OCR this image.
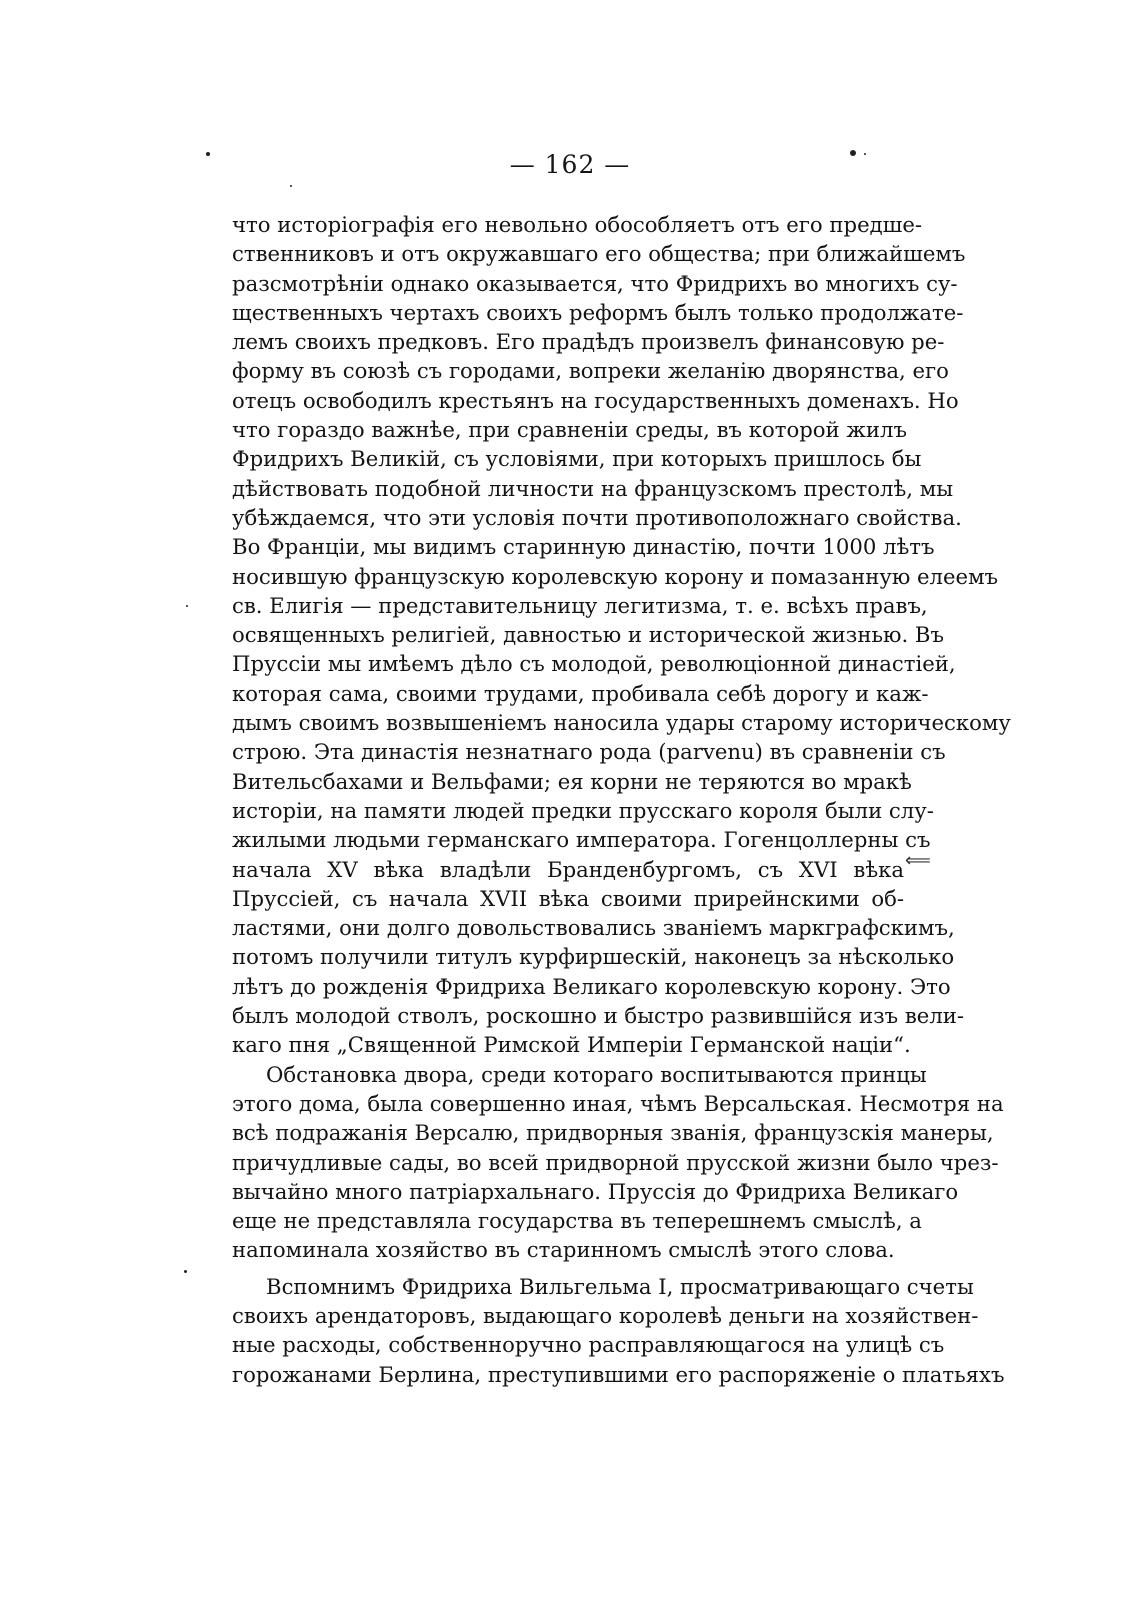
— 162 —
что исторіографія его невольно обособляетъ отъ его предше-
ственниковъ и отъ окружавшаго его общества; при ближайшемъ
разсмотрѣніи однако оказывается, что Фридрихъ во многихъ су-
щественныхъ чертахъ своихъ реформъ былъ только продолжате-
лемъ своихъ предковъ. Его прадѣдъ произвелъ финансовую ре-
форму въ союзѣ съ городами, вопреки желанію дворянства, его
отецъ освободилъ крестьянъ на государственныхъ доменахъ. Но
что гораздо важнѣе, при сравненіи среды, въ которой жилъ
Фридрихъ Великій, съ условіями, при которыхъ пришлось бы
дѣйствовать подобной личности на французскомъ престолѣ, мы
убѣждаемся, что эти условія почти противоположнаго свойства.
Во Франціи, мы видимъ старинную династію, почти 1000 лѣтъ
носившую французскую королевскую корону и помазанную елеемъ
св. Елигія — представительницу легитизма, т. е. всѣхъ правъ,
освященныхъ религіей, давностью и исторической жизнью. Въ
Пруссіи мы имѣемъ дѣло съ молодой, революціонной династіей,
которая сама, своими трудами, пробивала себѣ дорогу и каж-
дымъ своимъ возвышеніемъ наносила удары старому историческому
строю. Эта династія незнатнаго рода (parvenu) въ сравненіи съ
Вительсбахами и Вельфами; ея корни не теряются во мракѣ
исторіи, на памяти людей предки прусскаго короля были слу-
жилыми людьми германскаго императора. Гогенцоллерны съ
начала XV вѣка владѣли Бранденбургомъ, съ XVI вѣка
Пруссіей, съ начала XVII вѣка своими прирейнскими об-
ластями, они долго довольствовались званіемъ маркграфскимъ,
потомъ получили титулъ курфиршескій, наконецъ за нѣсколько
лѣтъ до рожденія Фридриха Великаго королевскую корону. Это
былъ молодой стволъ, роскошно и быстро развившійся изъ вели-
каго пня „Священной Римской Имперіи Германской націи“.
Обстановка двора, среди котораго воспитываются принцы
этого дома, была совершенно иная, чѣмъ Версальская. Несмотря на
всѣ подражанія Версалю, придворныя званія, французскія манеры,
причудливые сады, во всей придворной прусской жизни было чрез-
вычайно много патріархальнаго. Пруссія до Фридриха Великаго
еще не представляла государства въ теперешнемъ смыслѣ, а
напоминала хозяйство въ старинномъ смыслѣ этого слова.
Вспомнимъ Фридриха Вильгельма I, просматривающаго счеты
своихъ арендаторовъ, выдающаго королевѣ деньги на хозяйствен-
ные расходы, собственноручно расправляющагося на улицѣ съ
горожанами Берлина, преступившими его распоряженіе о платьяхъ
⟸
